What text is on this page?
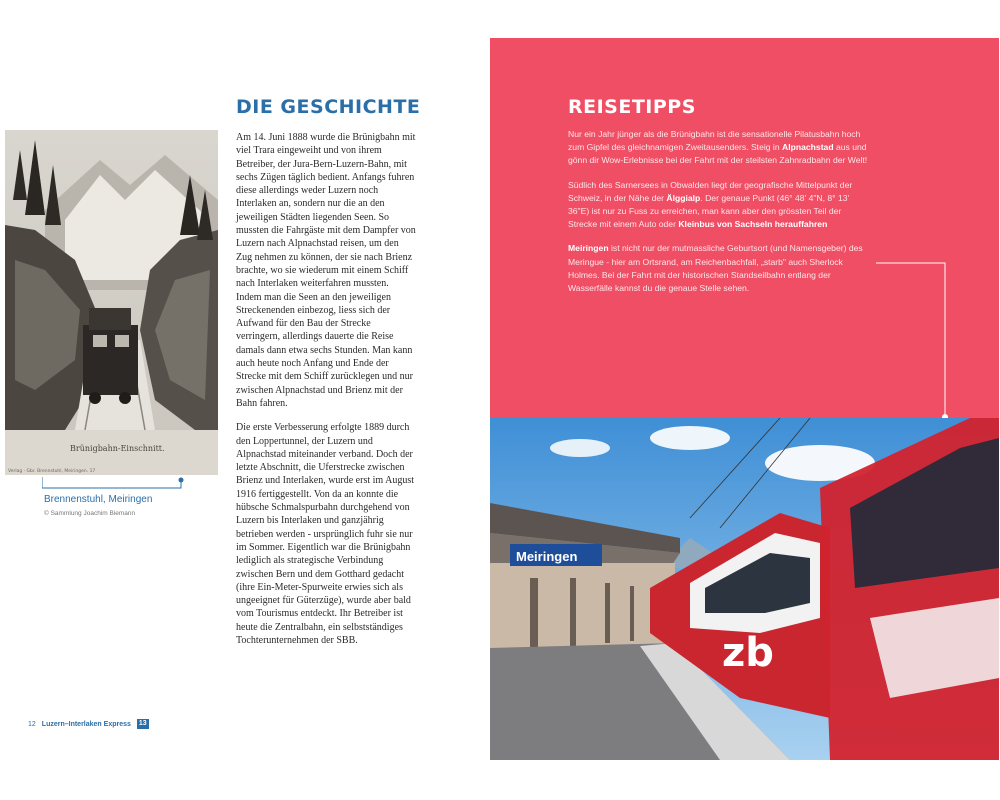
Brünigbahn-Einschnitt.
Verlag · Gbr. Brennstuhl, Meiringen. 17
Brennenstuhl, Meiringen
© Sammlung Joachim Biemann
12 Luzern–Interlaken Express 13
DIE GESCHICHTE

Am 14. Juni 1888 wurde die Brünigbahn mit viel Trara eingeweiht und von ihrem Betreiber, der Jura-Bern-Luzern-Bahn, mit sechs Zügen täglich bedient. Anfangs fuhren diese allerdings weder Luzern noch Interlaken an, sondern nur die an den jeweiligen Städten liegenden Seen. So mussten die Fahrgäste mit dem Dampfer von Luzern nach Alpnachstad reisen, um den Zug nehmen zu können, der sie nach Brienz brachte, wo sie wiederum mit einem Schiff nach Interlaken weiterfahren mussten. Indem man die Seen an den jeweiligen Streckenenden einbezog, liess sich der Aufwand für den Bau der Strecke verringern, allerdings dauerte die Reise damals dann etwa sechs Stunden. Man kann auch heute noch Anfang und Ende der Strecke mit dem Schiff zurücklegen und nur zwischen Alpnachstad und Brienz mit der Bahn fahren.

Die erste Verbesserung erfolgte 1889 durch den Loppertunnel, der Luzern und Alpnachstad miteinander verband. Doch der letzte Abschnitt, die Uferstrecke zwischen Brienz und Interlaken, wurde erst im August 1916 fertiggestellt. Von da an konnte die hübsche Schmalspurbahn durchgehend von Luzern bis Interlaken und ganzjährig betrieben werden - ursprünglich fuhr sie nur im Sommer. Eigentlich war die Brünigbahn lediglich als strategische Verbindung zwischen Bern und dem Gotthard gedacht (ihre Ein-Meter-Spurweite erwies sich als ungeeignet für Güterzüge), wurde aber bald vom Tourismus entdeckt. Ihr Betreiber ist heute die Zentralbahn, ein selbstständiges Tochterunternehmen der SBB.

REISETIPPS

Nur ein Jahr jünger als die Brünigbahn ist die sensationelle Pilatusbahn hoch zum Gipfel des gleichnamigen Zweitausenders. Steig in Alpnachstad aus und gönn dir Wow-Erlebnisse bei der Fahrt mit der steilsten Zahnradbahn der Welt!

Südlich des Sarnersees in Obwalden liegt der geografische Mittelpunkt der Schweiz, in der Nähe der Älggialp. Der genaue Punkt (46° 48' 4"N, 8° 13' 36"E) ist nur zu Fuss zu erreichen, man kann aber den grössten Teil der Strecke mit einem Auto oder Kleinbus von Sachseln herauffahren

Meiringen ist nicht nur der mutmassliche Geburtsort (und Namensgeber) des Meringue - hier am Ortsrand, am Reichenbachfall, „starb" auch Sherlock Holmes. Bei der Fahrt mit der historischen Standseilbahn entlang der Wasserfälle kannst du die genaue Stelle sehen.

Meiringen
zb
